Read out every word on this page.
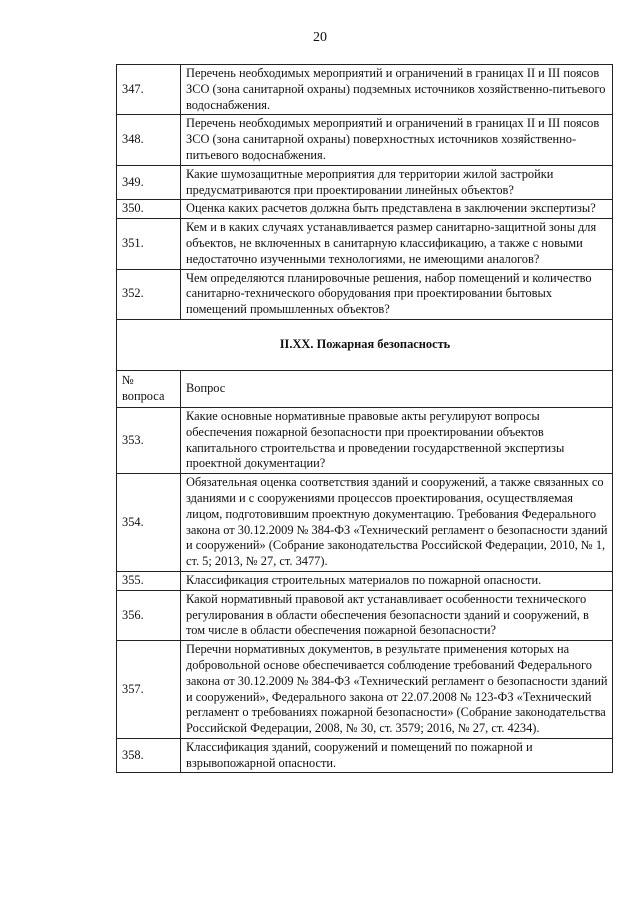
20
347.	Перечень необходимых мероприятий и ограничений в границах II и III поясов ЗСО (зона санитарной охраны) подземных источников хозяйственно-питьевого водоснабжения.
348.	Перечень необходимых мероприятий и ограничений в границах II и III поясов ЗСО (зона санитарной охраны) поверхностных источников хозяйственно-питьевого водоснабжения.
349.	Какие шумозащитные мероприятия для территории жилой застройки предусматриваются при проектировании линейных объектов?
350.	Оценка каких расчетов должна быть представлена в заключении экспертизы?
351.	Кем и в каких случаях устанавливается размер санитарно-защитной зоны для объектов, не включенных в санитарную классификацию, а также с новыми недостаточно изученными технологиями, не имеющими аналогов?
352.	Чем определяются планировочные решения, набор помещений и количество санитарно-технического оборудования при проектировании бытовых помещений промышленных объектов?
II.XX. Пожарная безопасность	
№ вопроса	Вопрос
353.	Какие основные нормативные правовые акты регулируют вопросы обеспечения пожарной безопасности при проектировании объектов капитального строительства и проведении государственной экспертизы проектной документации?
354.	Обязательная оценка соответствия зданий и сооружений, а также связанных со зданиями и с сооружениями процессов проектирования, осуществляемая лицом, подготовившим проектную документацию. Требования Федерального закона от 30.12.2009 № 384-ФЗ «Технический регламент о безопасности зданий и сооружений» (Собрание законодательства Российской Федерации, 2010, № 1, ст. 5; 2013, № 27, ст. 3477).
355.	Классификация строительных материалов по пожарной опасности.
356.	Какой нормативный правовой акт устанавливает особенности технического регулирования в области обеспечения безопасности зданий и сооружений, в том числе в области обеспечения пожарной безопасности?
357.	Перечни нормативных документов, в результате применения которых на добровольной основе обеспечивается соблюдение требований Федерального закона от 30.12.2009 № 384-ФЗ «Технический регламент о безопасности зданий и сооружений», Федерального закона от 22.07.2008 № 123-ФЗ «Технический регламент о требованиях пожарной безопасности» (Собрание законодательства Российской Федерации, 2008, № 30, ст. 3579; 2016, № 27, ст. 4234).
358.	Классификация зданий, сооружений и помещений по пожарной и взрывопожарной опасности.
